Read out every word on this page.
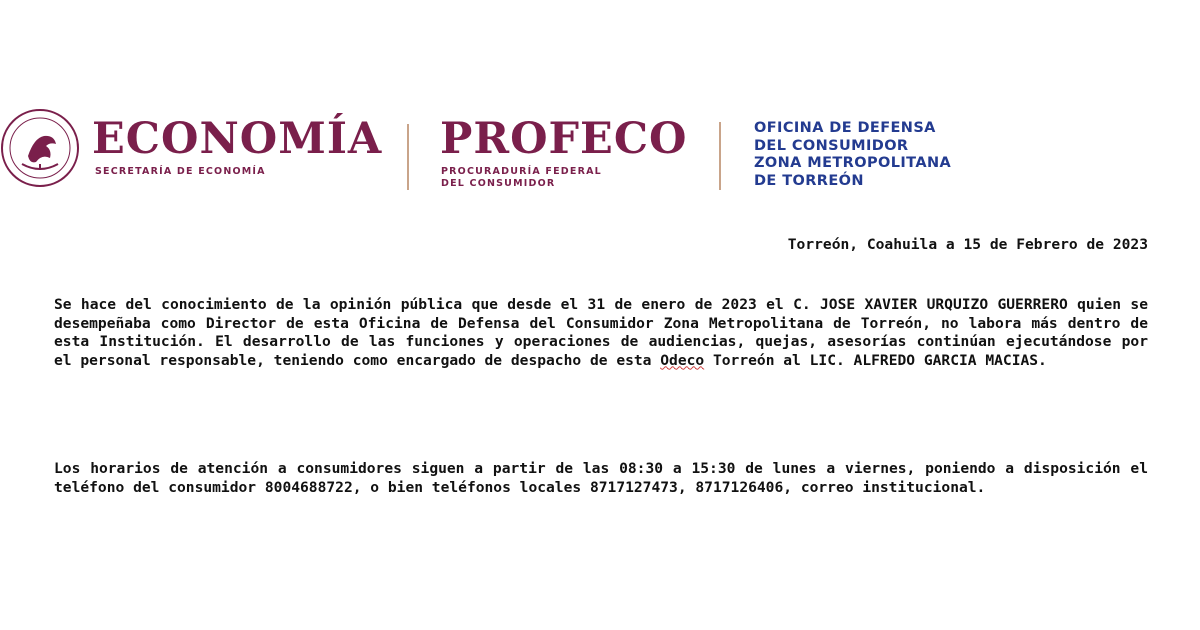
ECONOMÍA
SECRETARÍA DE ECONOMÍA
PROFECO
PROCURADURÍA FEDERAL
DEL CONSUMIDOR
OFICINA DE DEFENSA
DEL CONSUMIDOR
ZONA METROPOLITANA
DE TORREÓN
Torreón, Coahuila a 15 de Febrero de 2023

Se hace del conocimiento de la opinión pública que desde el 31 de enero de 2023 el C. JOSE XAVIER URQUIZO GUERRERO quien se desempeñaba como Director de esta Oficina de Defensa del Consumidor Zona Metropolitana de Torreón, no labora más dentro de esta Institución. El desarrollo de las funciones y operaciones de audiencias, quejas, asesorías continúan ejecutándose por el personal responsable, teniendo como encargado de despacho de esta Odeco Torreón al LIC. ALFREDO GARCIA MACIAS.

Los horarios de atención a consumidores siguen a partir de las 08:30 a 15:30 de lunes a viernes, poniendo a disposición el teléfono del consumidor 8004688722, o bien teléfonos locales 8717127473, 8717126406, correo institucional.
